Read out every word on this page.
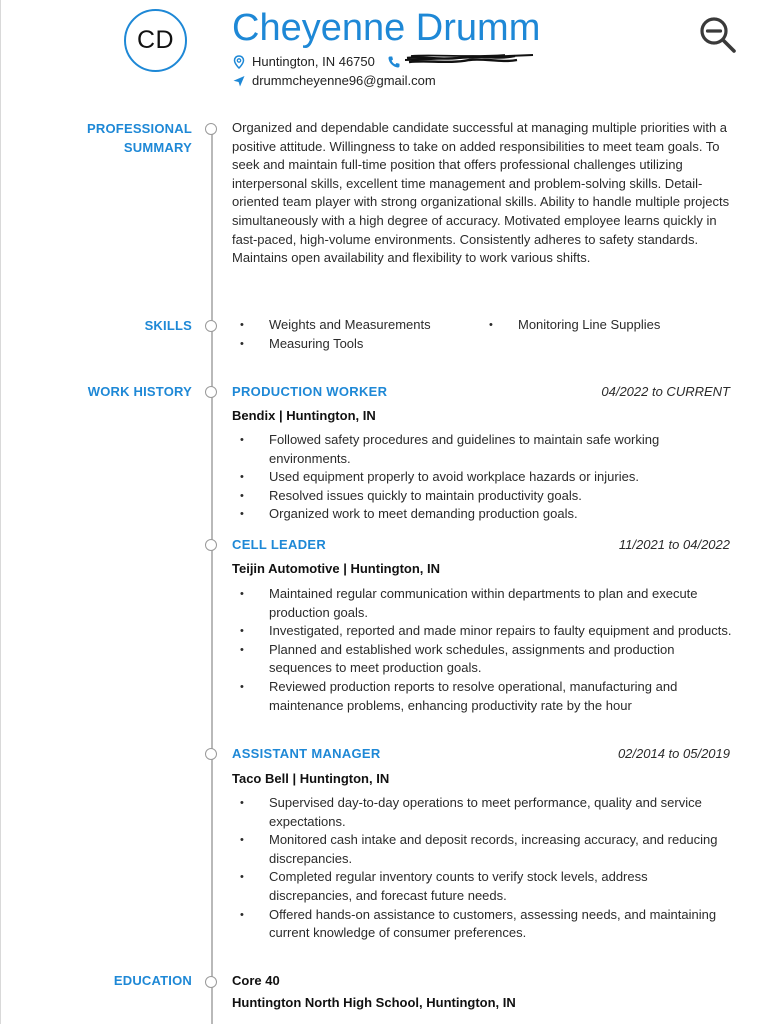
CD Cheyenne Drumm
Huntington, IN 46750
drummcheyenne96@gmail.com
PROFESSIONAL SUMMARY
SKILLS
WORK HISTORY
EDUCATION
Organized and dependable candidate successful at managing multiple priorities with a positive attitude. Willingness to take on added responsibilities to meet team goals. To seek and maintain full-time position that offers professional challenges utilizing interpersonal skills, excellent time management and problem-solving skills. Detail-oriented team player with strong organizational skills. Ability to handle multiple projects simultaneously with a high degree of accuracy. Motivated employee learns quickly in fast-paced, high-volume environments. Consistently adheres to safety standards. Maintains open availability and flexibility to work various shifts.
• Weights and Measurements
• Measuring Tools
• Monitoring Line Supplies
PRODUCTION WORKER	04/2022 to CURRENT
Bendix | Huntington, IN
• Followed safety procedures and guidelines to maintain safe working environments.
• Used equipment properly to avoid workplace hazards or injuries.
• Resolved issues quickly to maintain productivity goals.
• Organized work to meet demanding production goals.
CELL LEADER	11/2021 to 04/2022
Teijin Automotive | Huntington, IN
• Maintained regular communication within departments to plan and execute production goals.
• Investigated, reported and made minor repairs to faulty equipment and products.
• Planned and established work schedules, assignments and production sequences to meet production goals.
• Reviewed production reports to resolve operational, manufacturing and maintenance problems, enhancing productivity rate by the hour
ASSISTANT MANAGER	02/2014 to 05/2019
Taco Bell | Huntington, IN
• Supervised day-to-day operations to meet performance, quality and service expectations.
• Monitored cash intake and deposit records, increasing accuracy, and reducing discrepancies.
• Completed regular inventory counts to verify stock levels, address discrepancies, and forecast future needs.
• Offered hands-on assistance to customers, assessing needs, and maintaining current knowledge of consumer preferences.
Core 40
Huntington North High School, Huntington, IN
